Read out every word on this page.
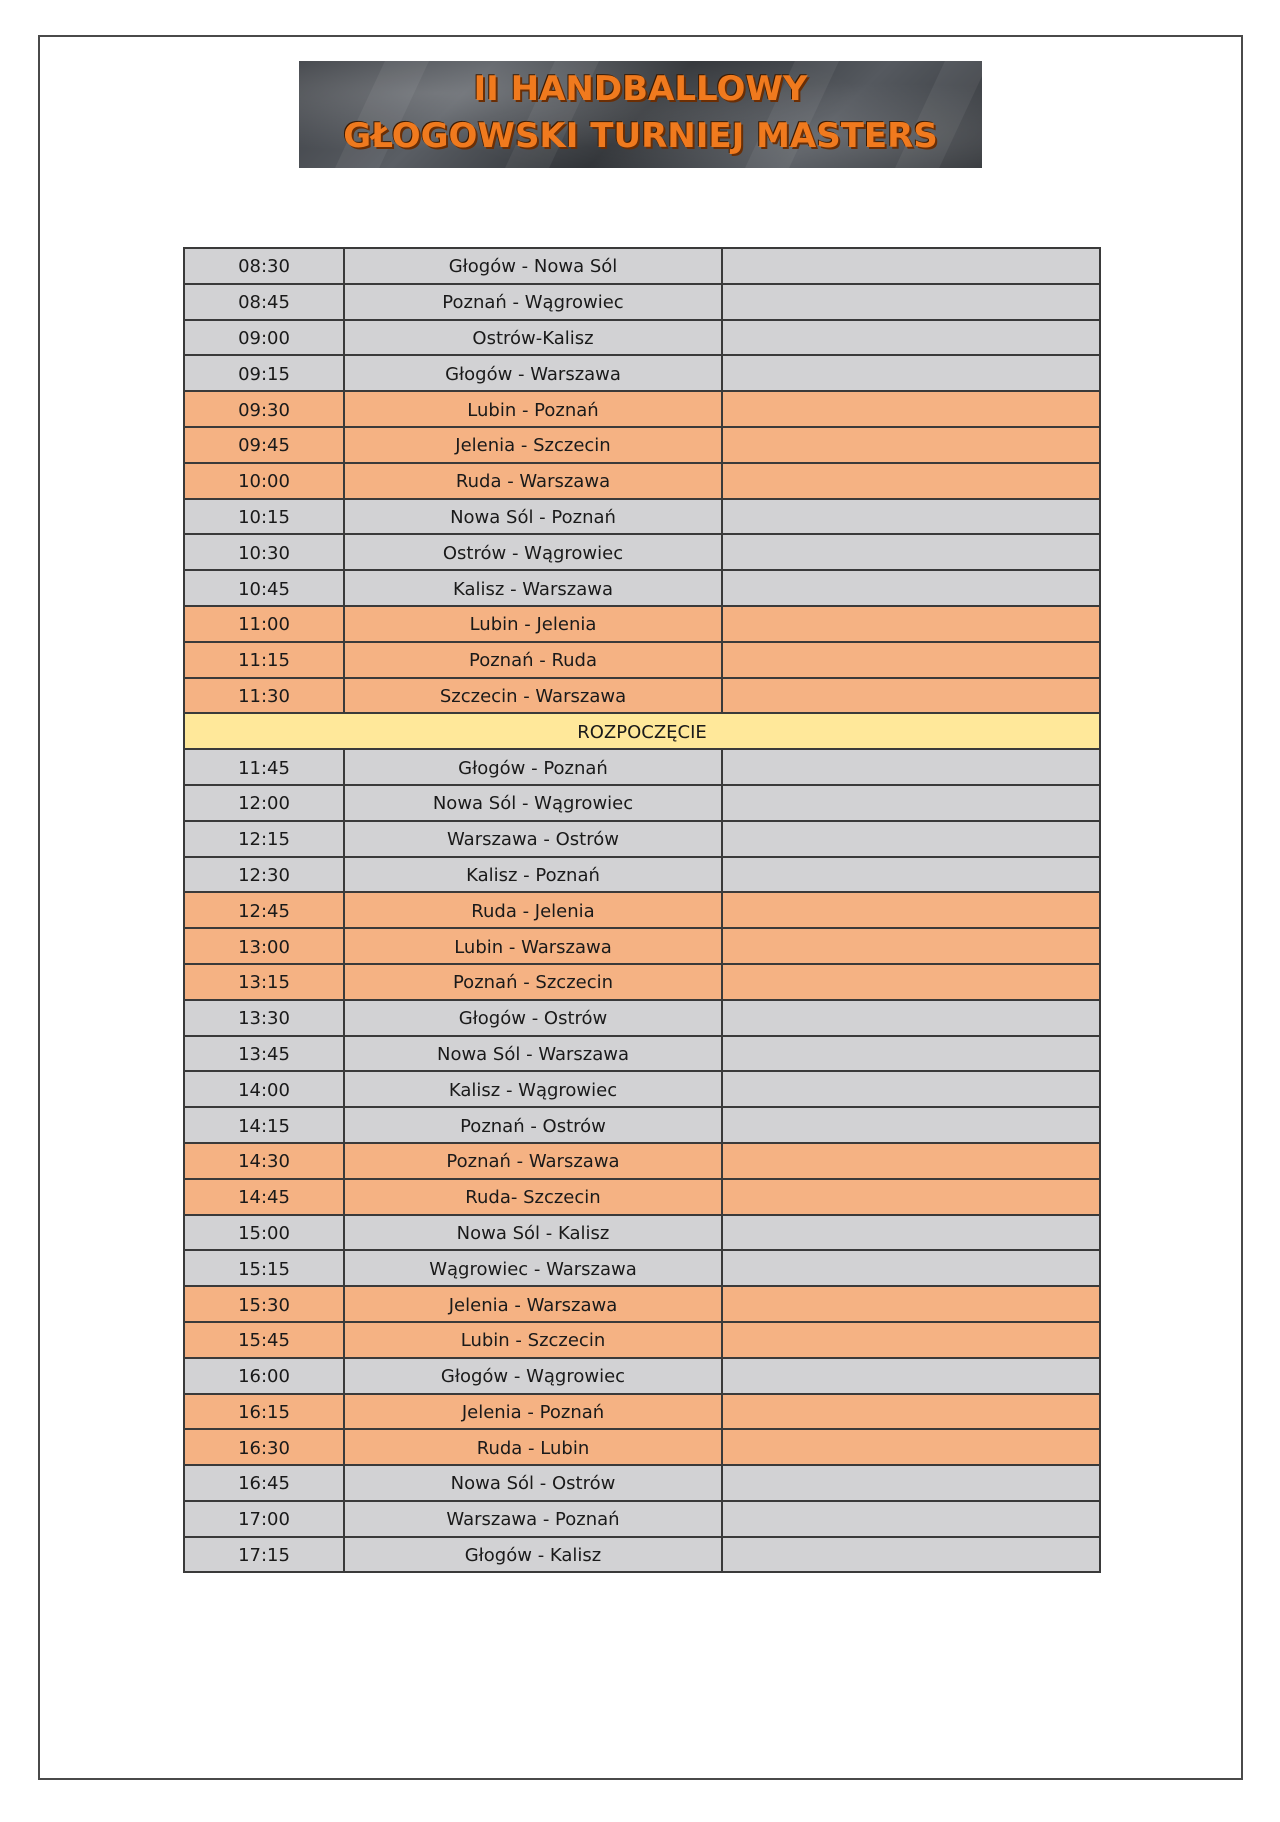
II HANDBALLOWY
GŁOGOWSKI TURNIEJ MASTERS
08:30	Głogów - Nowa Sól	
08:45	Poznań - Wągrowiec	
09:00	Ostrów-Kalisz	
09:15	Głogów - Warszawa	
09:30	Lubin - Poznań	
09:45	Jelenia - Szczecin	
10:00	Ruda - Warszawa	
10:15	Nowa Sól - Poznań	
10:30	Ostrów - Wągrowiec	
10:45	Kalisz - Warszawa	
11:00	Lubin - Jelenia	
11:15	Poznań - Ruda	
11:30	Szczecin - Warszawa	
ROZPOCZĘCIE		
11:45	Głogów - Poznań	
12:00	Nowa Sól - Wągrowiec	
12:15	Warszawa - Ostrów	
12:30	Kalisz - Poznań	
12:45	Ruda - Jelenia	
13:00	Lubin - Warszawa	
13:15	Poznań - Szczecin	
13:30	Głogów - Ostrów	
13:45	Nowa Sól - Warszawa	
14:00	Kalisz - Wągrowiec	
14:15	Poznań - Ostrów	
14:30	Poznań - Warszawa	
14:45	Ruda- Szczecin	
15:00	Nowa Sól - Kalisz	
15:15	Wągrowiec - Warszawa	
15:30	Jelenia - Warszawa	
15:45	Lubin - Szczecin	
16:00	Głogów - Wągrowiec	
16:15	Jelenia - Poznań	
16:30	Ruda - Lubin	
16:45	Nowa Sól - Ostrów	
17:00	Warszawa - Poznań	
17:15	Głogów - Kalisz	
